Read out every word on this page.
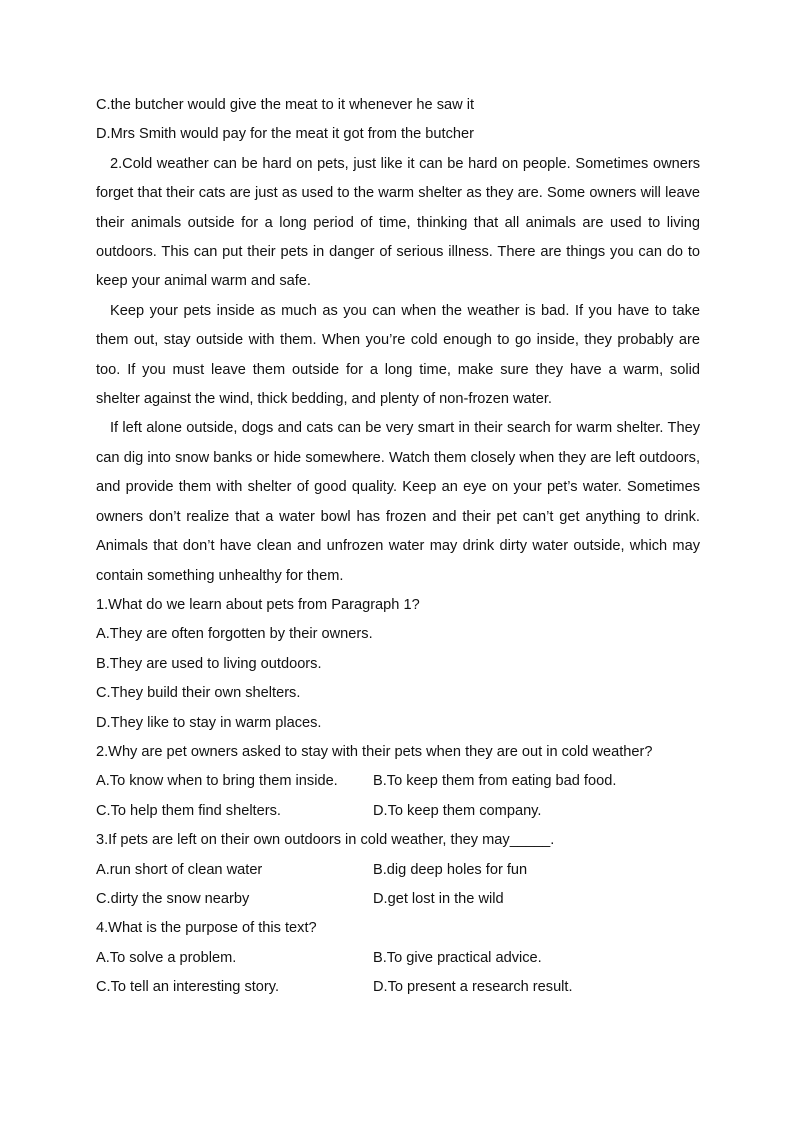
C.the butcher would give the meat to it whenever he saw it

D.Mrs Smith would pay for the meat it got from the butcher

2.Cold weather can be hard on pets, just like it can be hard on people. Sometimes owners forget that their cats are just as used to the warm shelter as they are. Some owners will leave their animals outside for a long period of time, thinking that all animals are used to living outdoors. This can put their pets in danger of serious illness. There are things you can do to keep your animal warm and safe.

Keep your pets inside as much as you can when the weather is bad. If you have to take them out, stay outside with them. When you’re cold enough to go inside, they probably are too. If you must leave them outside for a long time, make sure they have a warm, solid shelter against the wind, thick bedding, and plenty of non-frozen water.

If left alone outside, dogs and cats can be very smart in their search for warm shelter. They can dig into snow banks or hide somewhere. Watch them closely when they are left outdoors, and provide them with shelter of good quality. Keep an eye on your pet’s water. Sometimes owners don’t realize that a water bowl has frozen and their pet can’t get anything to drink. Animals that don’t have clean and unfrozen water may drink dirty water outside, which may contain something unhealthy for them.

1.What do we learn about pets from Paragraph 1?

A.They are often forgotten by their owners.

B.They are used to living outdoors.

C.They build their own shelters.

D.They like to stay in warm places.

2.Why are pet owners asked to stay with their pets when they are out in cold weather?

A.To know when to bring them inside.	B.To keep them from eating bad food.
C.To help them find shelters.	D.To keep them company.

3.If pets are left on their own outdoors in cold weather, they may_____.

A.run short of clean water	B.dig deep holes for fun
C.dirty the snow nearby	D.get lost in the wild

4.What is the purpose of this text?

A.To solve a problem.	B.To give practical advice.
C.To tell an interesting story.	D.To present a research result.
